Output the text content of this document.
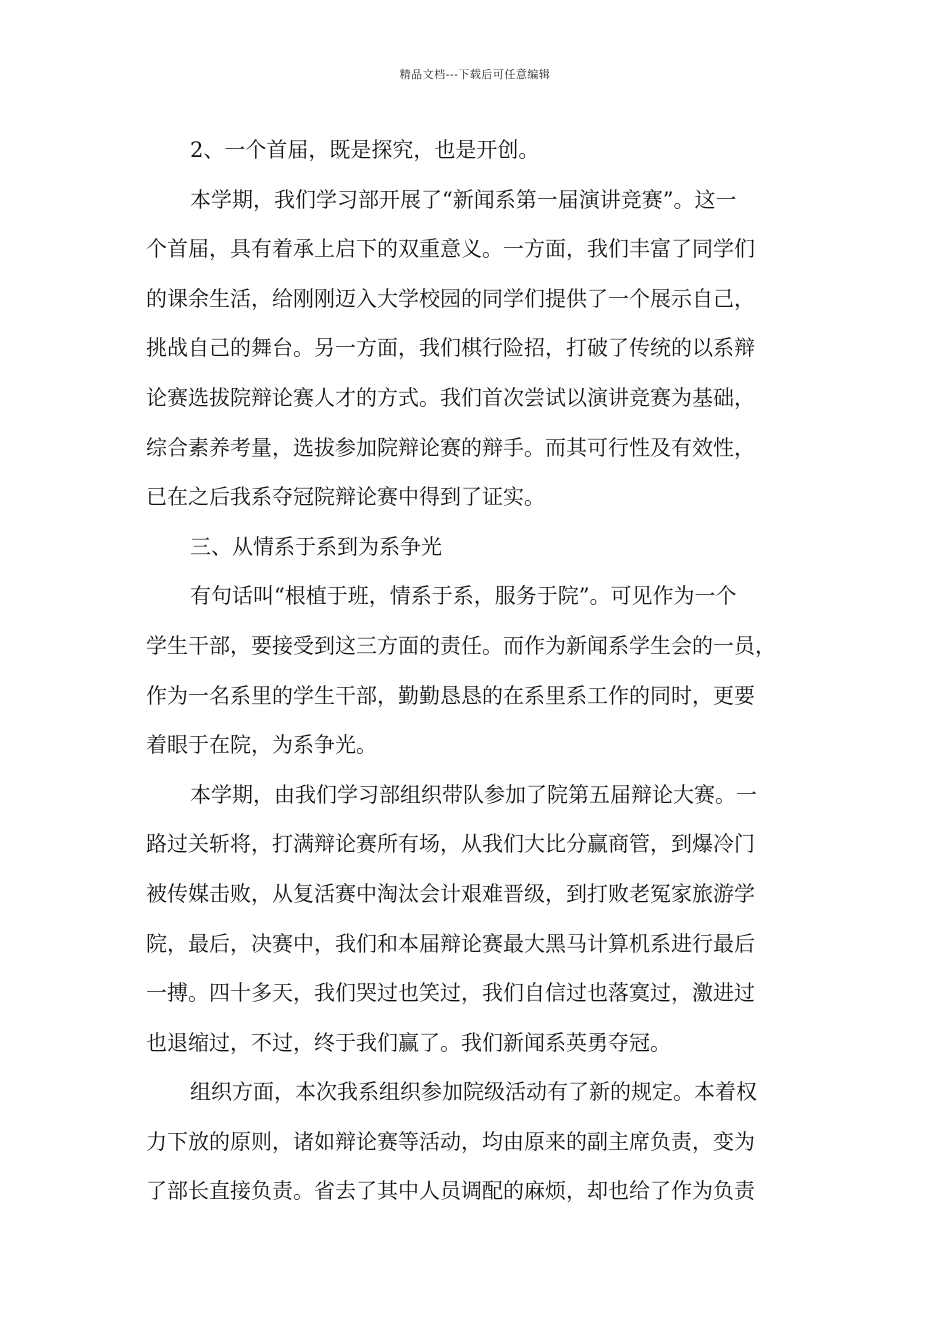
精品文档---下载后可任意编辑
2、一个首届，既是探究，也是开创。
本学期，我们学习部开展了“新闻系第一届演讲竞赛”。这一
个首届，具有着承上启下的双重意义。一方面，我们丰富了同学们
的课余生活，给刚刚迈入大学校园的同学们提供了一个展示自己，
挑战自己的舞台。另一方面，我们棋行险招，打破了传统的以系辩
论赛选拔院辩论赛人才的方式。我们首次尝试以演讲竞赛为基础，
综合素养考量，选拔参加院辩论赛的辩手。而其可行性及有效性，
已在之后我系夺冠院辩论赛中得到了证实。
三、从情系于系到为系争光
有句话叫“根植于班，情系于系，服务于院”。可见作为一个
学生干部，要接受到这三方面的责任。而作为新闻系学生会的一员，
作为一名系里的学生干部，勤勤恳恳的在系里系工作的同时，更要
着眼于在院，为系争光。
本学期，由我们学习部组织带队参加了院第五届辩论大赛。一
路过关斩将，打满辩论赛所有场，从我们大比分赢商管，到爆冷门
被传媒击败，从复活赛中淘汰会计艰难晋级，到打败老冤家旅游学
院，最后，决赛中，我们和本届辩论赛最大黑马计算机系进行最后
一搏。四十多天，我们哭过也笑过，我们自信过也落寞过，激进过
也退缩过，不过，终于我们赢了。我们新闻系英勇夺冠。
组织方面，本次我系组织参加院级活动有了新的规定。本着权
力下放的原则，诸如辩论赛等活动，均由原来的副主席负责，变为
了部长直接负责。省去了其中人员调配的麻烦，却也给了作为负责
